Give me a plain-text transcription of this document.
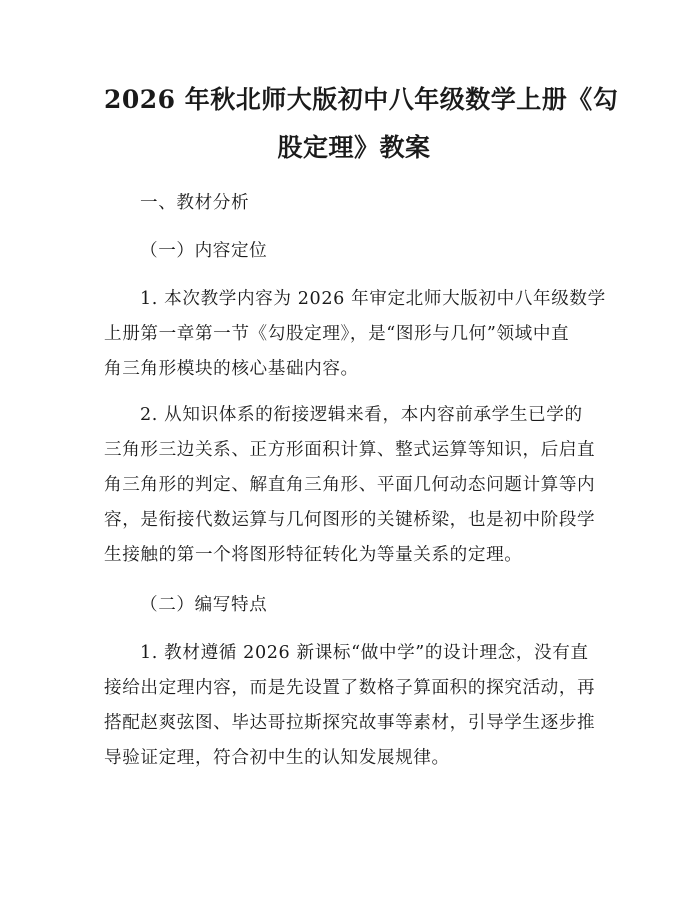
2026 年秋北师大版初中八年级数学上册《勾
股定理》教案
一、教材分析
（一）内容定位
1. 本次教学内容为 2026 年审定北师大版初中八年级数学
上册第一章第一节《勾股定理》，是“图形与几何”领域中直
角三角形模块的核心基础内容。
2. 从知识体系的衔接逻辑来看，本内容前承学生已学的
三角形三边关系、正方形面积计算、整式运算等知识，后启直
角三角形的判定、解直角三角形、平面几何动态问题计算等内
容，是衔接代数运算与几何图形的关键桥梁，也是初中阶段学
生接触的第一个将图形特征转化为等量关系的定理。
（二）编写特点
1. 教材遵循 2026 新课标“做中学”的设计理念，没有直
接给出定理内容，而是先设置了数格子算面积的探究活动，再
搭配赵爽弦图、毕达哥拉斯探究故事等素材，引导学生逐步推
导验证定理，符合初中生的认知发展规律。
